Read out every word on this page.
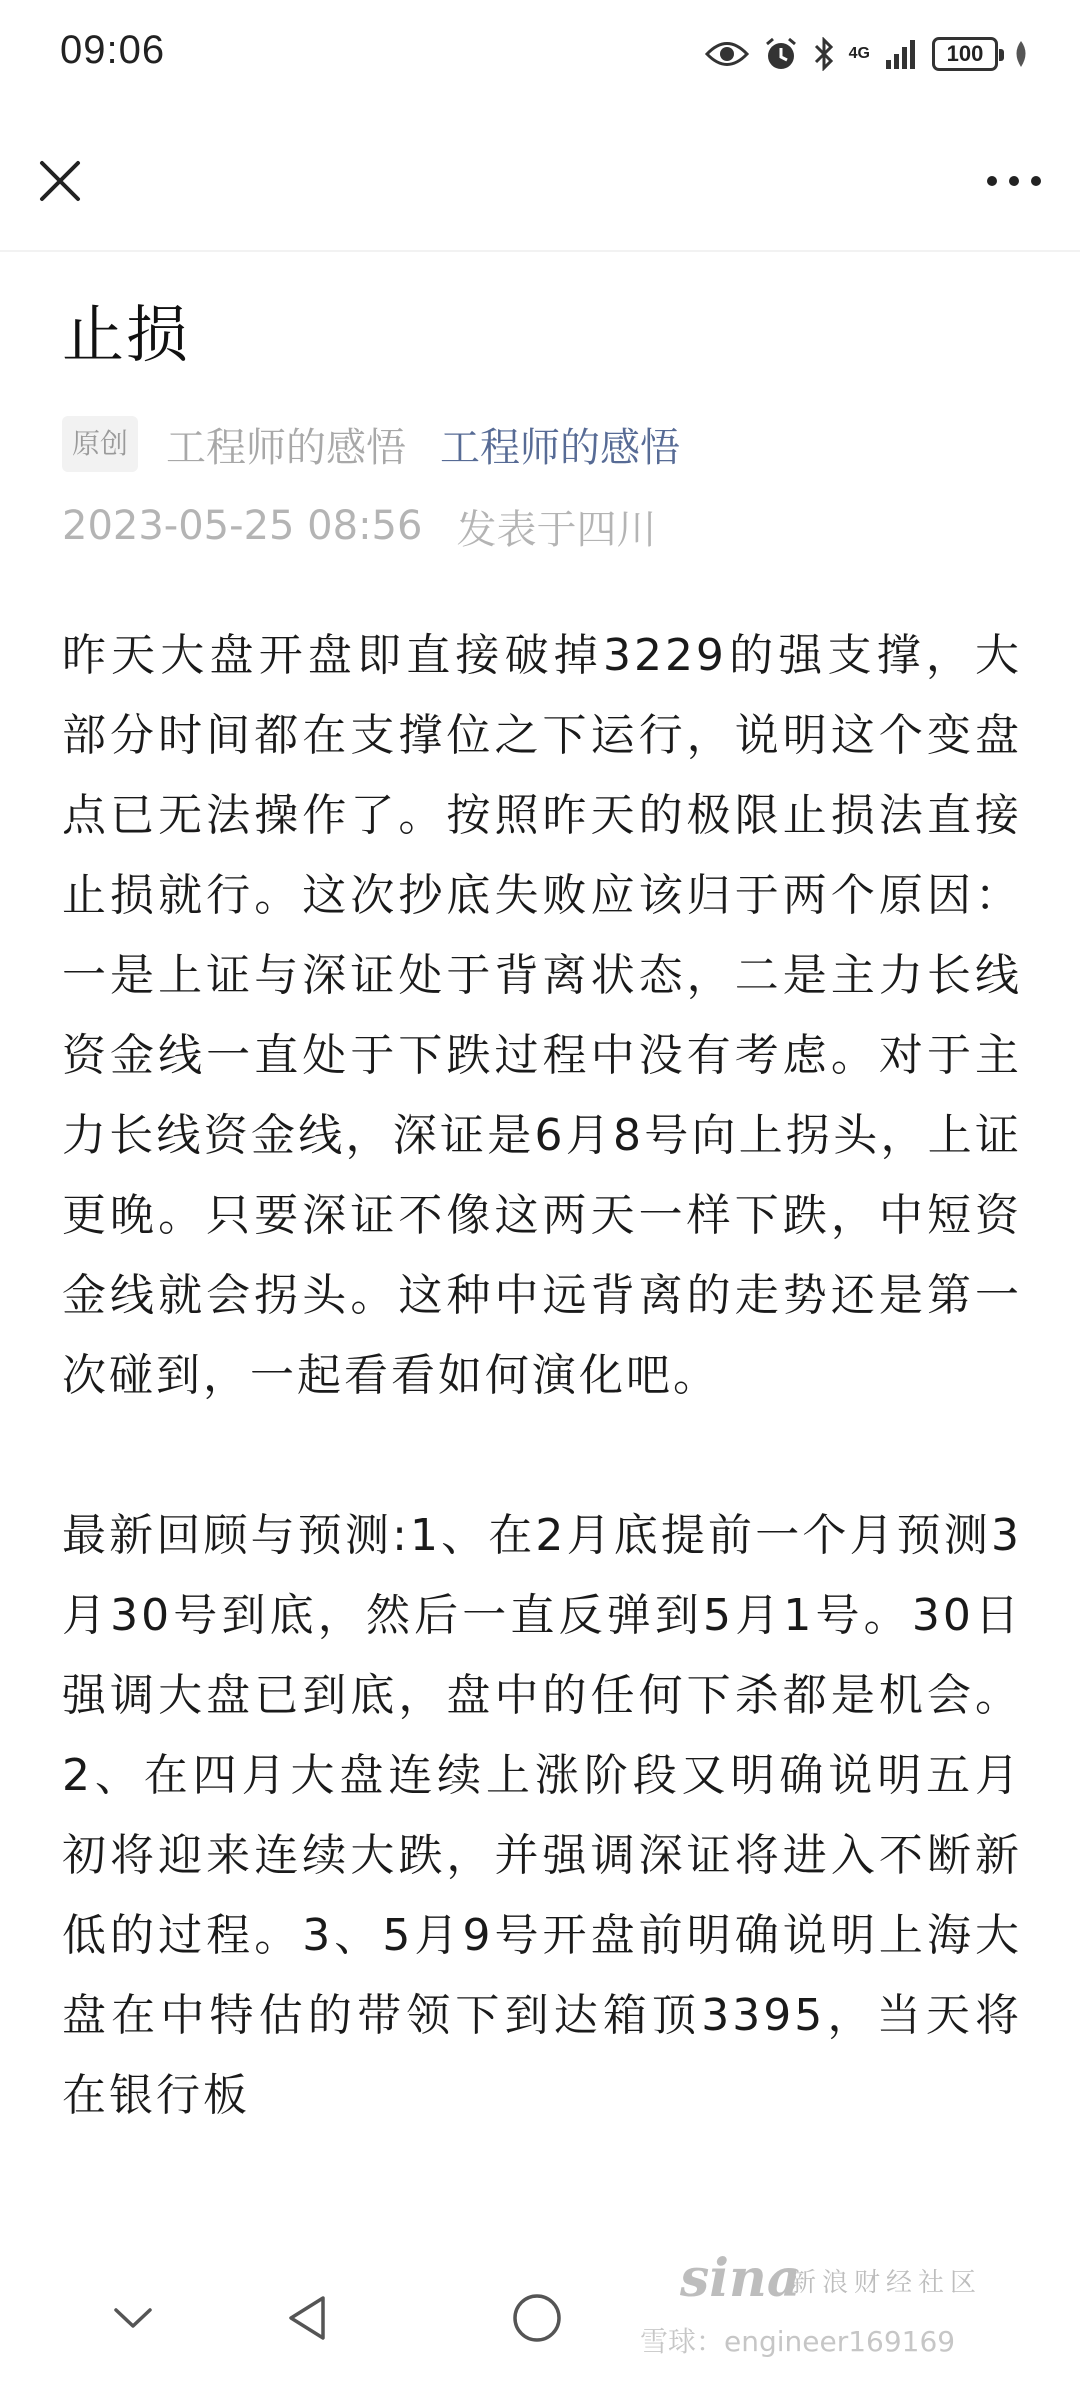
09:06	4G	100
止损
原创 工程师的感悟 工程师的感悟
2023-05-25 08:56 发表于四川
昨天大盘开盘即直接破掉3229的强支撑，大部分时间都在支撑位之下运行，说明这个变盘点已无法操作了。按照昨天的极限止损法直接止损就行。这次抄底失败应该归于两个原因：一是上证与深证处于背离状态，二是主力长线资金线一直处于下跌过程中没有考虑。对于主力长线资金线，深证是6月8号向上拐头，上证更晚。只要深证不像这两天一样下跌，中短资金线就会拐头。这种中远背离的走势还是第一次碰到，一起看看如何演化吧。
最新回顾与预测:1、在2月底提前一个月预测3月30号到底，然后一直反弹到5月1号。30日强调大盘已到底，盘中的任何下杀都是机会。2、在四月大盘连续上涨阶段又明确说明五月初将迎来连续大跌，并强调深证将进入不断新低的过程。3、5月9号开盘前明确说明上海大盘在中特估的带领下到达箱顶3395，当天将在银行板
sina
新浪财经社区
雪球：engineer169169
